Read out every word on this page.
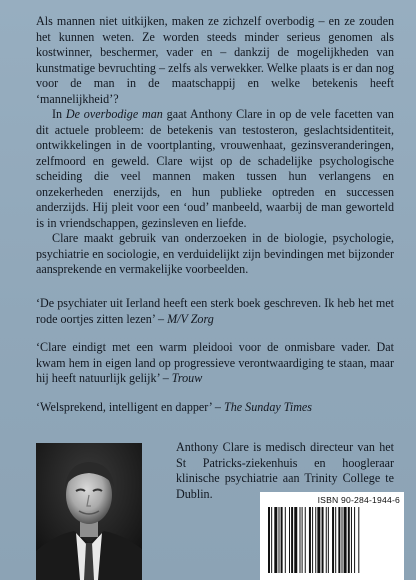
Als mannen niet uitkijken, maken ze zichzelf overbodig – en ze zouden het kunnen weten. Ze worden steeds minder serieus genomen als kostwinner, beschermer, vader en – dankzij de mogelijkheden van kunstmatige bevruchting – zelfs als verwekker. Welke plaats is er dan nog voor de man in de maatschappij en welke betekenis heeft ‘mannelijkheid’?

In De overbodige man gaat Anthony Clare in op de vele facetten van dit actuele probleem: de betekenis van testosteron, geslachtsidentiteit, ontwikkelingen in de voortplanting, vrouwenhaat, gezinsveranderingen, zelfmoord en geweld. Clare wijst op de schadelijke psychologische scheiding die veel mannen maken tussen hun verlangens en onzekerheden enerzijds, en hun publieke optreden en successen anderzijds. Hij pleit voor een ‘oud’ manbeeld, waarbij de man geworteld is in vriendschappen, gezinsleven en liefde.

Clare maakt gebruik van onderzoeken in de biologie, psychologie, psychiatrie en sociologie, en verduidelijkt zijn bevindingen met bijzonder aansprekende en vermakelijke voorbeelden.

‘De psychiater uit Ierland heeft een sterk boek geschreven. Ik heb het met rode oortjes zitten lezen’ – M/V Zorg

‘Clare eindigt met een warm pleidooi voor de onmisbare vader. Dat kwam hem in eigen land op progressieve verontwaardiging te staan, maar hij heeft natuurlijk gelijk’ – Trouw

‘Welsprekend, intelligent en dapper’ – The Sunday Times

Anthony Clare is medisch directeur van het St Patricks-ziekenhuis en hoogleraar klinische psychiatrie aan Trinity College te Dublin.	ISBN 90-284-1944-6
